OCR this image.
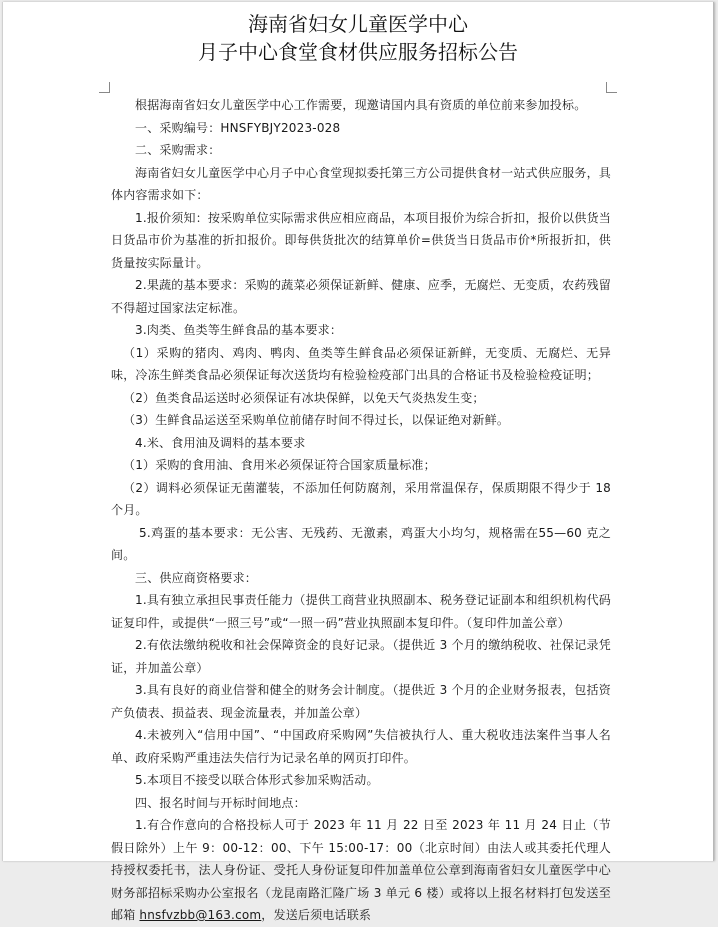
海南省妇女儿童医学中心
月子中心食堂食材供应服务招标公告

根据海南省妇女儿童医学中心工作需要，现邀请国内具有资质的单位前来参加投标。

一、采购编号：HNSFYBJY2023-028

二、采购需求：

海南省妇女儿童医学中心月子中心食堂现拟委托第三方公司提供食材一站式供应服务，具体内容需求如下：

1.报价须知：按采购单位实际需求供应相应商品，本项目报价为综合折扣，报价以供货当日货品市价为基准的折扣报价。即每供货批次的结算单价=供货当日货品市价*所报折扣，供货量按实际量计。

2.果蔬的基本要求：采购的蔬菜必须保证新鲜、健康、应季，无腐烂、无变质，农药残留不得超过国家法定标准。

3.肉类、鱼类等生鲜食品的基本要求：

（1）采购的猪肉、鸡肉、鸭肉、鱼类等生鲜食品必须保证新鲜，无变质、无腐烂、无异味，冷冻生鲜类食品必须保证每次送货均有检验检疫部门出具的合格证书及检验检疫证明；

（2）鱼类食品运送时必须保证有冰块保鲜，以免天气炎热发生变；

（3）生鲜食品运送至采购单位前储存时间不得过长，以保证绝对新鲜。

4.米、食用油及调料的基本要求

（1）采购的食用油、食用米必须保证符合国家质量标准；

（2）调料必须保证无菌灌装，不添加任何防腐剂，采用常温保存，保质期限不得少于 18 个月。

5.鸡蛋的基本要求：无公害、无残药、无激素，鸡蛋大小均匀，规格需在55—60 克之间。

三、供应商资格要求：

1.具有独立承担民事责任能力（提供工商营业执照副本、税务登记证副本和组织机构代码证复印件，或提供“一照三号”或“一照一码”营业执照副本复印件。（复印件加盖公章）

2.有依法缴纳税收和社会保障资金的良好记录。（提供近 3 个月的缴纳税收、社保记录凭证，并加盖公章）

3.具有良好的商业信誉和健全的财务会计制度。（提供近 3 个月的企业财务报表，包括资产负债表、损益表、现金流量表，并加盖公章）

4.未被列入“信用中国”、“中国政府采购网”失信被执行人、重大税收违法案件当事人名单、政府采购严重违法失信行为记录名单的网页打印件。

5.本项目不接受以联合体形式参加采购活动。

四、报名时间与开标时间地点：

1.有合作意向的合格投标人可于 2023 年 11 月 22 日至 2023 年 11 月 24 日止（节假日除外）上午 9：00-12：00、下午 15:00-17：00（北京时间）由法人或其委托代理人持授权委托书，法人身份证、受托人身份证复印件加盖单位公章到海南省妇女儿童医学中心财务部招标采购办公室报名（龙昆南路汇隆广场 3 单元 6 楼）或将以上报名材料打包发送至邮箱 hnsfvzbb@163.com，发送后须电话联系
